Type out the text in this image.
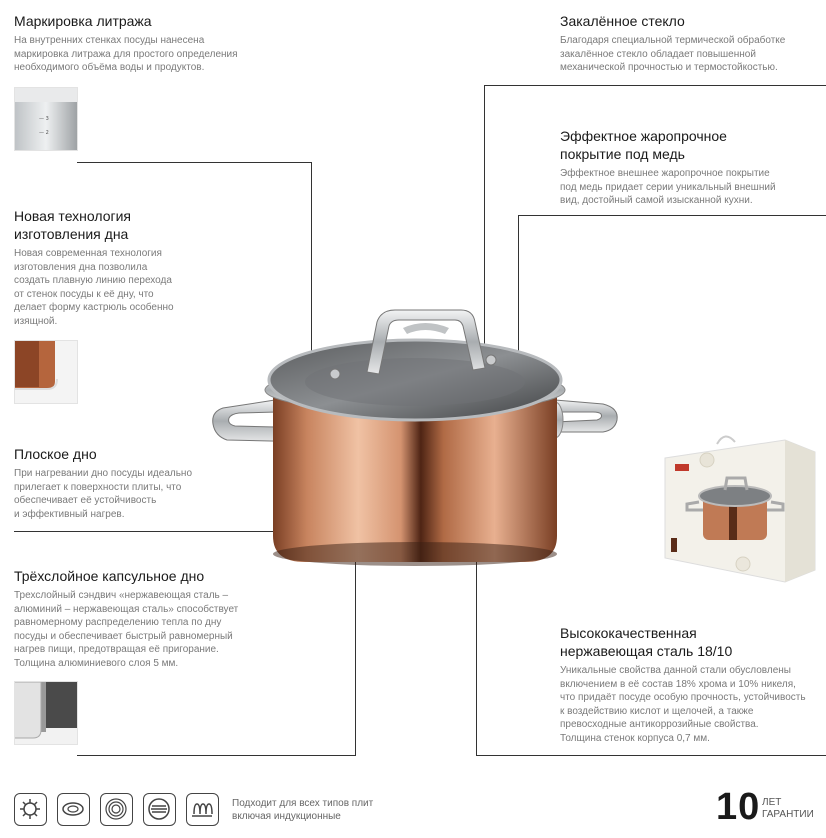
Маркировка литража
На внутренних стенках посуды нанесена
маркировка литража для простого определения
необходимого объёма воды и продуктов.
— 3
— 2
Новая технология
изготовления дна
Новая современная технология
изготовления дна позволила
создать плавную линию перехода
от стенок посуды к её дну, что
делает форму кастрюль особенно
изящной.
Плоское дно
При нагревании дно посуды идеально
прилегает к поверхности плиты, что
обеспечивает её устойчивость
и эффективный нагрев.
Трёхслойное капсульное дно
Трехслойный сэндвич «нержавеющая сталь –
алюминий – нержавеющая сталь» способствует
равномерному распределению тепла по дну
посуды и обеспечивает быстрый равномерный
нагрев пищи, предотвращая её пригорание.
Толщина алюминиевого слоя 5 мм.
Закалённое стекло
Благодаря специальной термической обработке
закалённое стекло обладает повышенной
механической прочностью и термостойкостью.
Эффектное жаропрочное
покрытие под медь
Эффектное внешнее жаропрочное покрытие
под медь придает серии уникальный внешний
вид, достойный самой изысканной кухни.
Высококачественная
нержавеющая сталь 18/10
Уникальные свойства данной стали обусловлены
включением в её состав 18% хрома и 10% никеля,
что придаёт посуде особую прочность, устойчивость
к воздействию кислот и щелочей, а также
превосходные антикоррозийные свойства.
Толщина стенок корпуса 0,7 мм.
Подходит для всех типов плит
включая индукционные	10 ЛЕТ
ГАРАНТИИ
